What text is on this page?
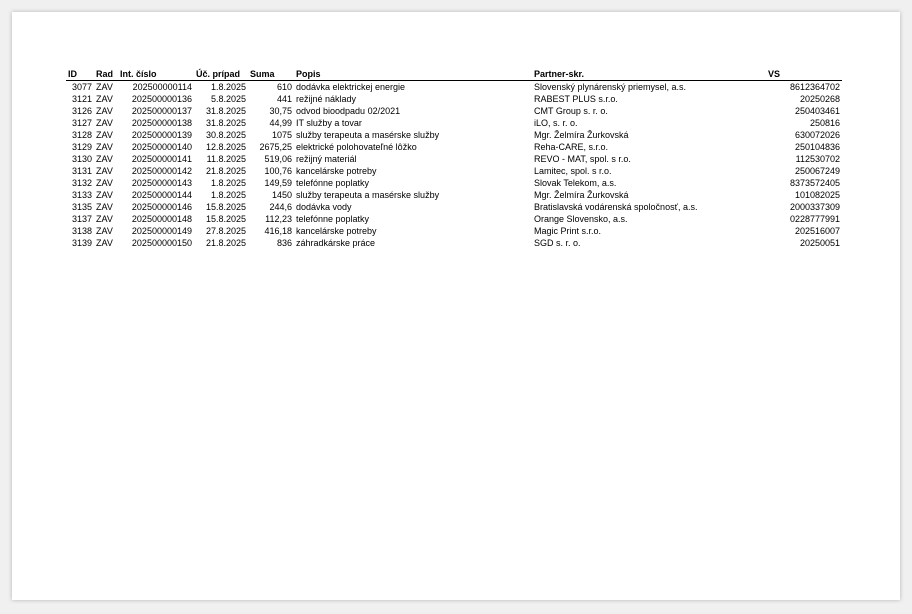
ID	Rad	Int. číslo	Úč. prípad	Suma	Popis	Partner-skr.	VS
3077	ZAV	202500000114	1.8.2025	610	dodávka elektrickej energie	Slovenský plynárenský priemysel, a.s.	8612364702
3121	ZAV	202500000136	5.8.2025	441	režijné náklady	RABEST PLUS s.r.o.	20250268
3126	ZAV	202500000137	31.8.2025	30,75	odvod bioodpadu 02/2021	CMT Group s. r. o.	250403461
3127	ZAV	202500000138	31.8.2025	44,99	IT služby a tovar	iLO, s. r. o.	250816
3128	ZAV	202500000139	30.8.2025	1075	služby terapeuta a masérske služby	Mgr. Želmíra Žurkovská	630072026
3129	ZAV	202500000140	12.8.2025	2675,25	elektrické polohovateľné lôžko	Reha-CARE, s.r.o.	250104836
3130	ZAV	202500000141	11.8.2025	519,06	režijný materiál	REVO - MAT, spol. s r.o.	112530702
3131	ZAV	202500000142	21.8.2025	100,76	kancelárske potreby	Lamitec, spol. s r.o.	250067249
3132	ZAV	202500000143	1.8.2025	149,59	telefónne poplatky	Slovak Telekom, a.s.	8373572405
3133	ZAV	202500000144	1.8.2025	1450	služby terapeuta a masérske služby	Mgr. Želmíra Žurkovská	101082025
3135	ZAV	202500000146	15.8.2025	244,6	dodávka vody	Bratislavská vodárenská spoločnosť, a.s.	2000337309
3137	ZAV	202500000148	15.8.2025	112,23	telefónne poplatky	Orange Slovensko, a.s.	0228777991
3138	ZAV	202500000149	27.8.2025	416,18	kancelárske potreby	Magic Print s.r.o.	202516007
3139	ZAV	202500000150	21.8.2025	836	záhradkárske práce	SGD s. r. o.	20250051
